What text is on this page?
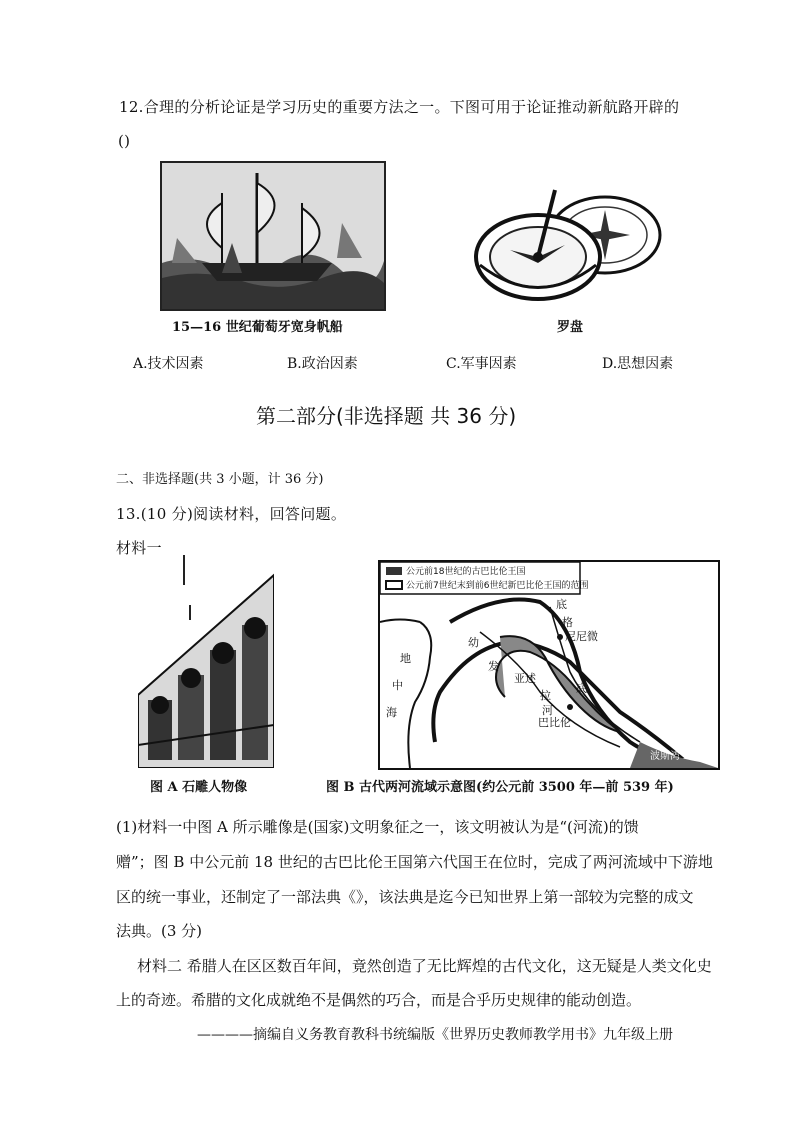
12.合理的分析论证是学习历史的重要方法之一。下图可用于论证推动新航路开辟的
()
15—16 世纪葡萄牙宽身帆船	罗盘
A.技术因素	B.政治因素	C.军事因素	D.思想因素
第二部分(非选择题 共 36 分)
二、非选择题(共 3 小题，计 36 分)
13.(10 分)阅读材料，回答问题。
材料一
图 A 石雕人物像
公元前18世纪的古巴比伦王国
公元前7世纪末到前6世纪新巴比伦王国的范围
地
中
海
幼
发
底
格
尼尼微
亚述
拉
底
河
巴比伦
波斯湾
图 B 古代两河流域示意图(约公元前 3500 年—前 539 年)
(1)材料一中图 A 所示雕像是(国家)文明象征之一，该文明被认为是“(河流)的馈
赠”；图 B 中公元前 18 世纪的古巴比伦王国第六代国王在位时，完成了两河流域中下游地
区的统一事业，还制定了一部法典《》，该法典是迄今已知世界上第一部较为完整的成文
法典。(3 分)
材料二 希腊人在区区数百年间，竟然创造了无比辉煌的古代文化，这无疑是人类文化史
上的奇迹。希腊的文化成就绝不是偶然的巧合，而是合乎历史规律的能动创造。
————摘编自义务教育教科书统编版《世界历史教师教学用书》九年级上册
